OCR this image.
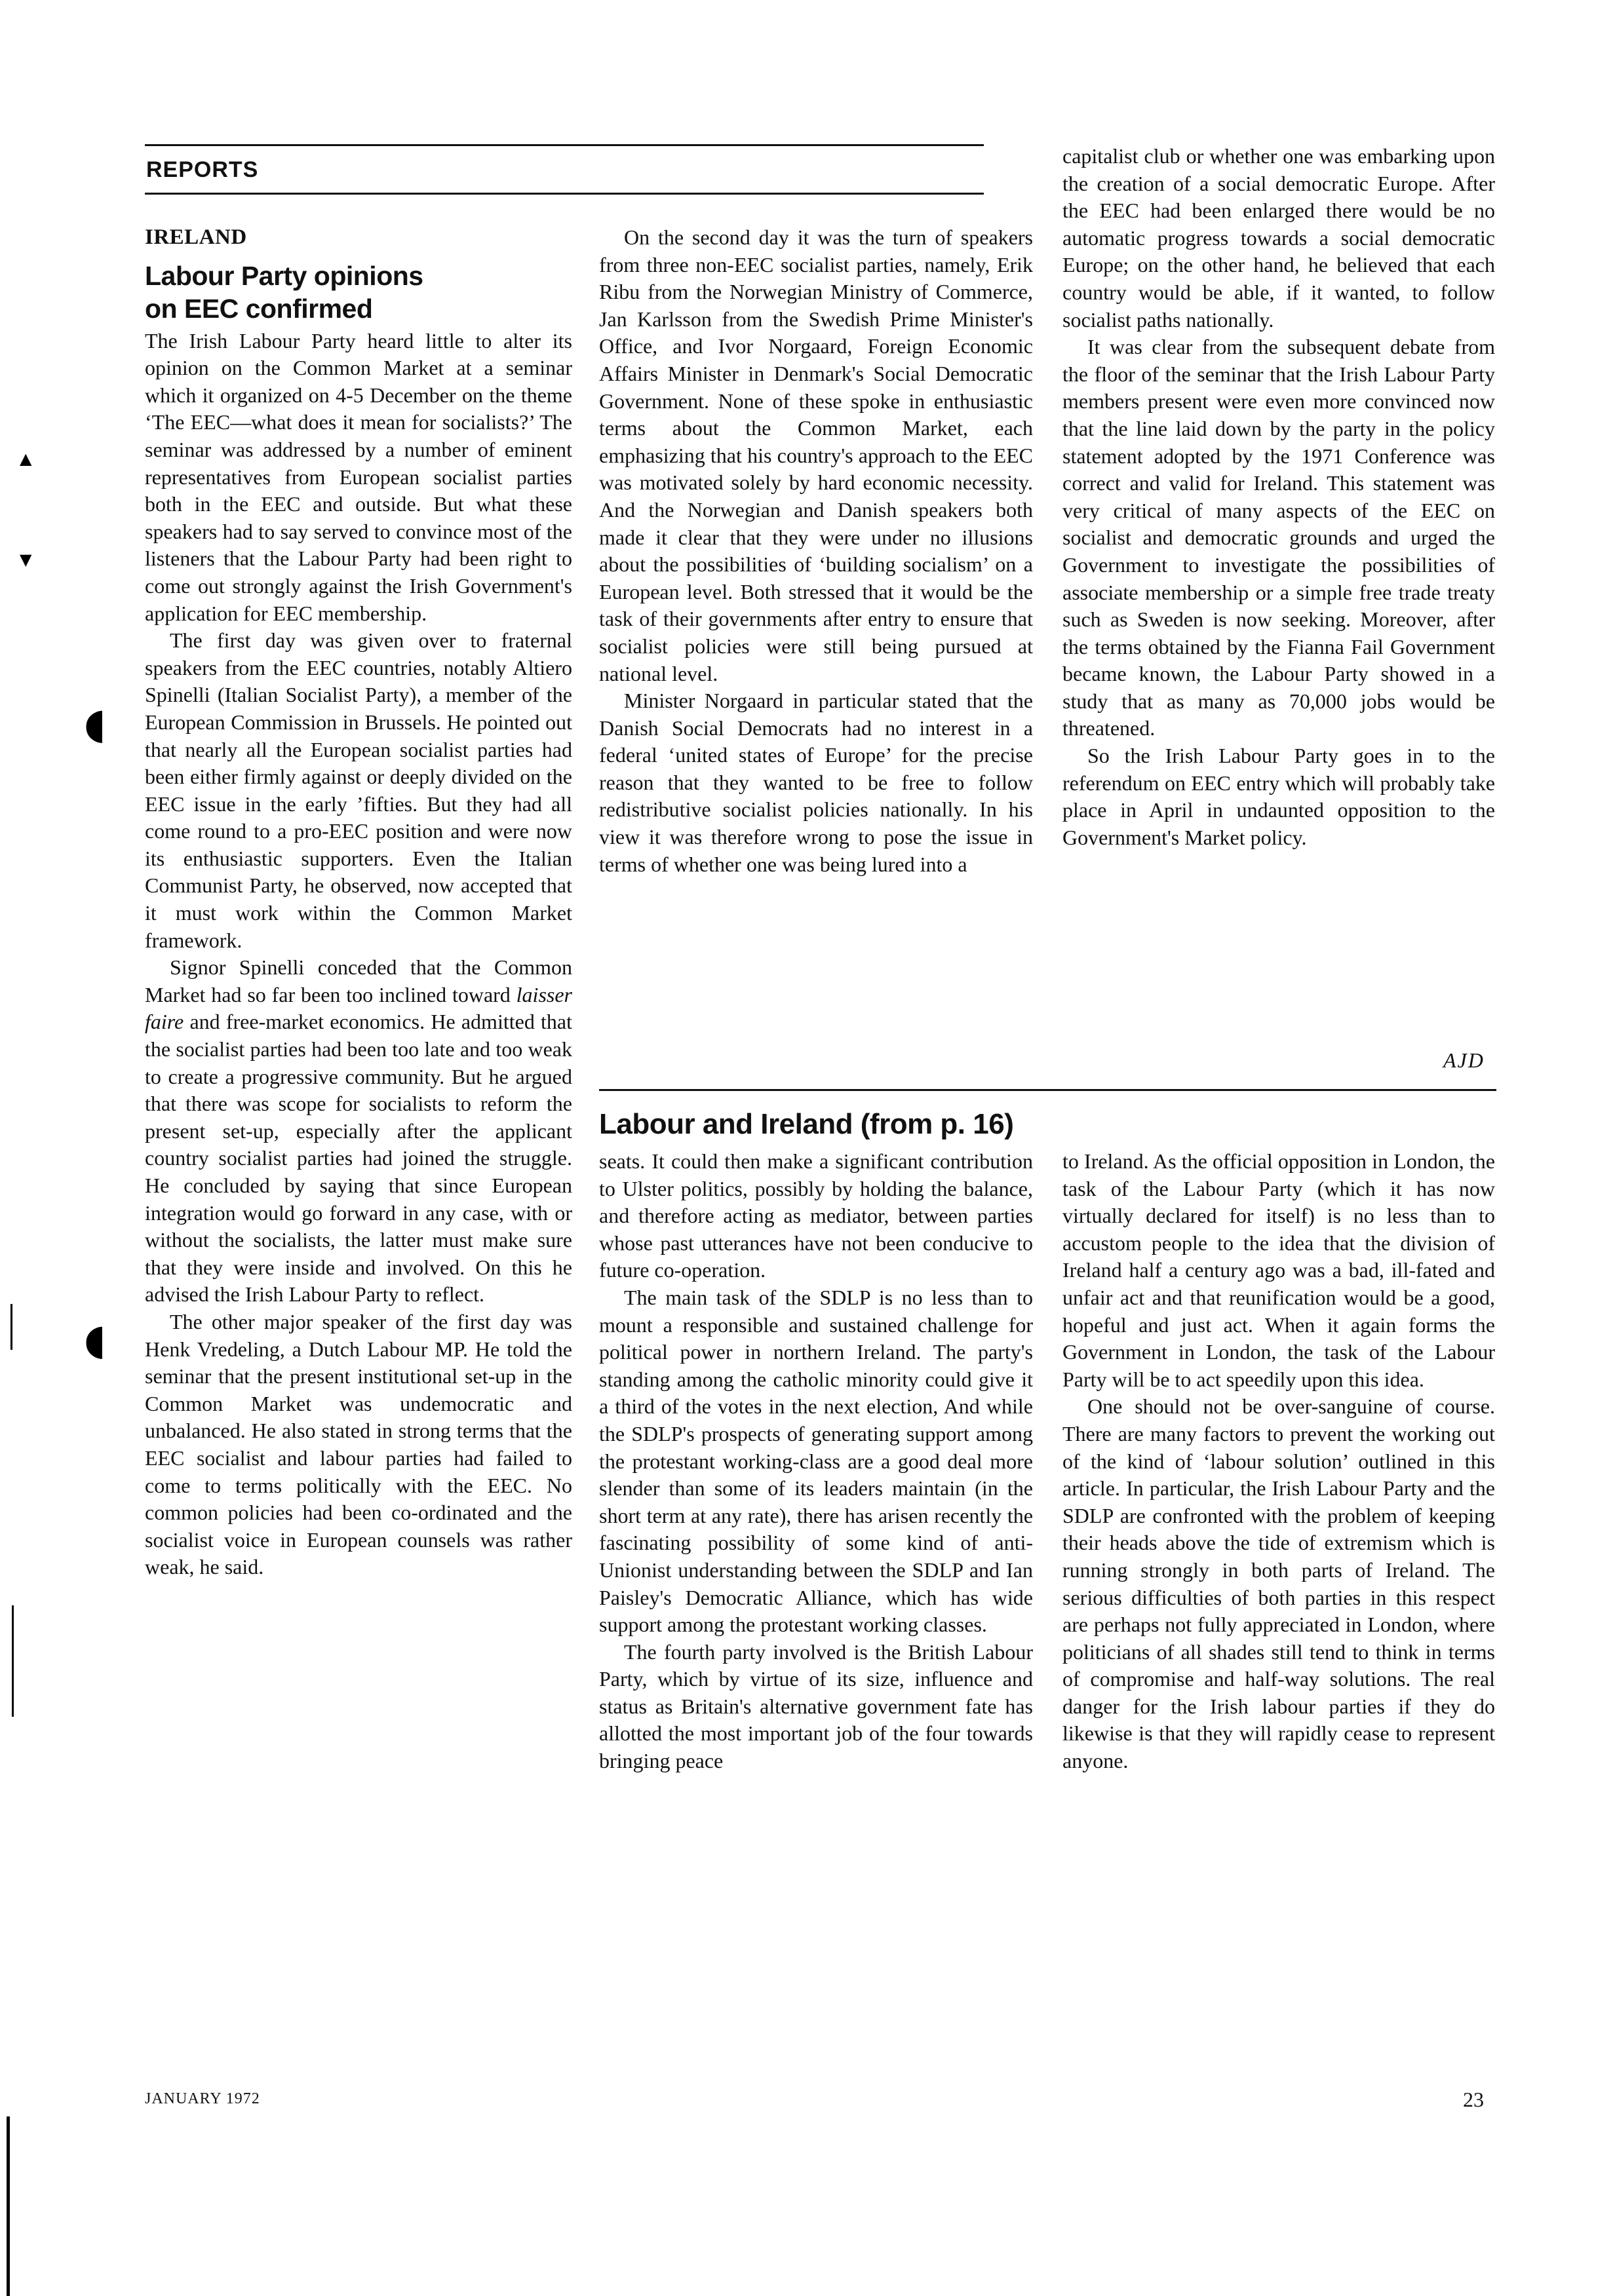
▲
▼
◖
◖
REPORTS
IRELAND
Labour Party opinions
on EEC confirmed

The Irish Labour Party heard little to alter its opinion on the Common Market at a seminar which it organized on 4-5 December on the theme ‘The EEC—what does it mean for socialists?’ The seminar was addressed by a number of eminent representatives from European socialist parties both in the EEC and outside. But what these speakers had to say served to convince most of the listeners that the Labour Party had been right to come out strongly against the Irish Government's application for EEC membership.

The first day was given over to fraternal speakers from the EEC countries, notably Altiero Spinelli (Italian Socialist Party), a member of the European Commission in Brussels. He pointed out that nearly all the European socialist parties had been either firmly against or deeply divided on the EEC issue in the early ’fifties. But they had all come round to a pro-EEC position and were now its enthusiastic supporters. Even the Italian Communist Party, he observed, now accepted that it must work within the Common Market framework.

Signor Spinelli conceded that the Common Market had so far been too inclined toward laisser faire and free-market economics. He admitted that the socialist parties had been too late and too weak to create a progressive community. But he argued that there was scope for socialists to reform the present set-up, especially after the applicant country socialist parties had joined the struggle. He concluded by saying that since European integration would go forward in any case, with or without the socialists, the latter must make sure that they were inside and involved. On this he advised the Irish Labour Party to reflect.

The other major speaker of the first day was Henk Vredeling, a Dutch Labour MP. He told the seminar that the present institutional set-up in the Common Market was undemocratic and unbalanced. He also stated in strong terms that the EEC socialist and labour parties had failed to come to terms politically with the EEC. No common policies had been co-ordinated and the socialist voice in European counsels was rather weak, he said.

On the second day it was the turn of speakers from three non-EEC socialist parties, namely, Erik Ribu from the Norwegian Ministry of Commerce, Jan Karlsson from the Swedish Prime Minister's Office, and Ivor Norgaard, Foreign Economic Affairs Minister in Denmark's Social Democratic Government. None of these spoke in enthusiastic terms about the Common Market, each emphasizing that his country's approach to the EEC was motivated solely by hard economic necessity. And the Norwegian and Danish speakers both made it clear that they were under no illusions about the possibilities of ‘building socialism’ on a European level. Both stressed that it would be the task of their governments after entry to ensure that socialist policies were still being pursued at national level.

Minister Norgaard in particular stated that the Danish Social Democrats had no interest in a federal ‘united states of Europe’ for the precise reason that they wanted to be free to follow redistributive socialist policies nationally. In his view it was therefore wrong to pose the issue in terms of whether one was being lured into a

capitalist club or whether one was embarking upon the creation of a social democratic Europe. After the EEC had been enlarged there would be no automatic progress towards a social democratic Europe; on the other hand, he believed that each country would be able, if it wanted, to follow socialist paths nationally.

It was clear from the subsequent debate from the floor of the seminar that the Irish Labour Party members present were even more convinced now that the line laid down by the party in the policy statement adopted by the 1971 Conference was correct and valid for Ireland. This statement was very critical of many aspects of the EEC on socialist and democratic grounds and urged the Government to investigate the possibilities of associate membership or a simple free trade treaty such as Sweden is now seeking. Moreover, after the terms obtained by the Fianna Fail Government became known, the Labour Party showed in a study that as many as 70,000 jobs would be threatened.

So the Irish Labour Party goes in to the referendum on EEC entry which will probably take place in April in undaunted opposition to the Government's Market policy.

AJD
Labour and Ireland (from p. 16)

seats. It could then make a significant contribution to Ulster politics, possibly by holding the balance, and therefore acting as mediator, between parties whose past utterances have not been conducive to future co-operation.

The main task of the SDLP is no less than to mount a responsible and sustained challenge for political power in northern Ireland. The party's standing among the catholic minority could give it a third of the votes in the next election, And while the SDLP's prospects of generating support among the protestant working-class are a good deal more slender than some of its leaders maintain (in the short term at any rate), there has arisen recently the fascinating possibility of some kind of anti-Unionist understanding between the SDLP and Ian Paisley's Democratic Alliance, which has wide support among the protestant working classes.

The fourth party involved is the British Labour Party, which by virtue of its size, influence and status as Britain's alternative government fate has allotted the most important job of the four towards bringing peace

to Ireland. As the official opposition in London, the task of the Labour Party (which it has now virtually declared for itself) is no less than to accustom people to the idea that the division of Ireland half a century ago was a bad, ill-fated and unfair act and that reunification would be a good, hopeful and just act. When it again forms the Government in London, the task of the Labour Party will be to act speedily upon this idea.

One should not be over-sanguine of course. There are many factors to prevent the working out of the kind of ‘labour solution’ outlined in this article. In particular, the Irish Labour Party and the SDLP are confronted with the problem of keeping their heads above the tide of extremism which is running strongly in both parts of Ireland. The serious difficulties of both parties in this respect are perhaps not fully appreciated in London, where politicians of all shades still tend to think in terms of compromise and half-way solutions. The real danger for the Irish labour parties if they do likewise is that they will rapidly cease to represent anyone.

JANUARY 1972	23
